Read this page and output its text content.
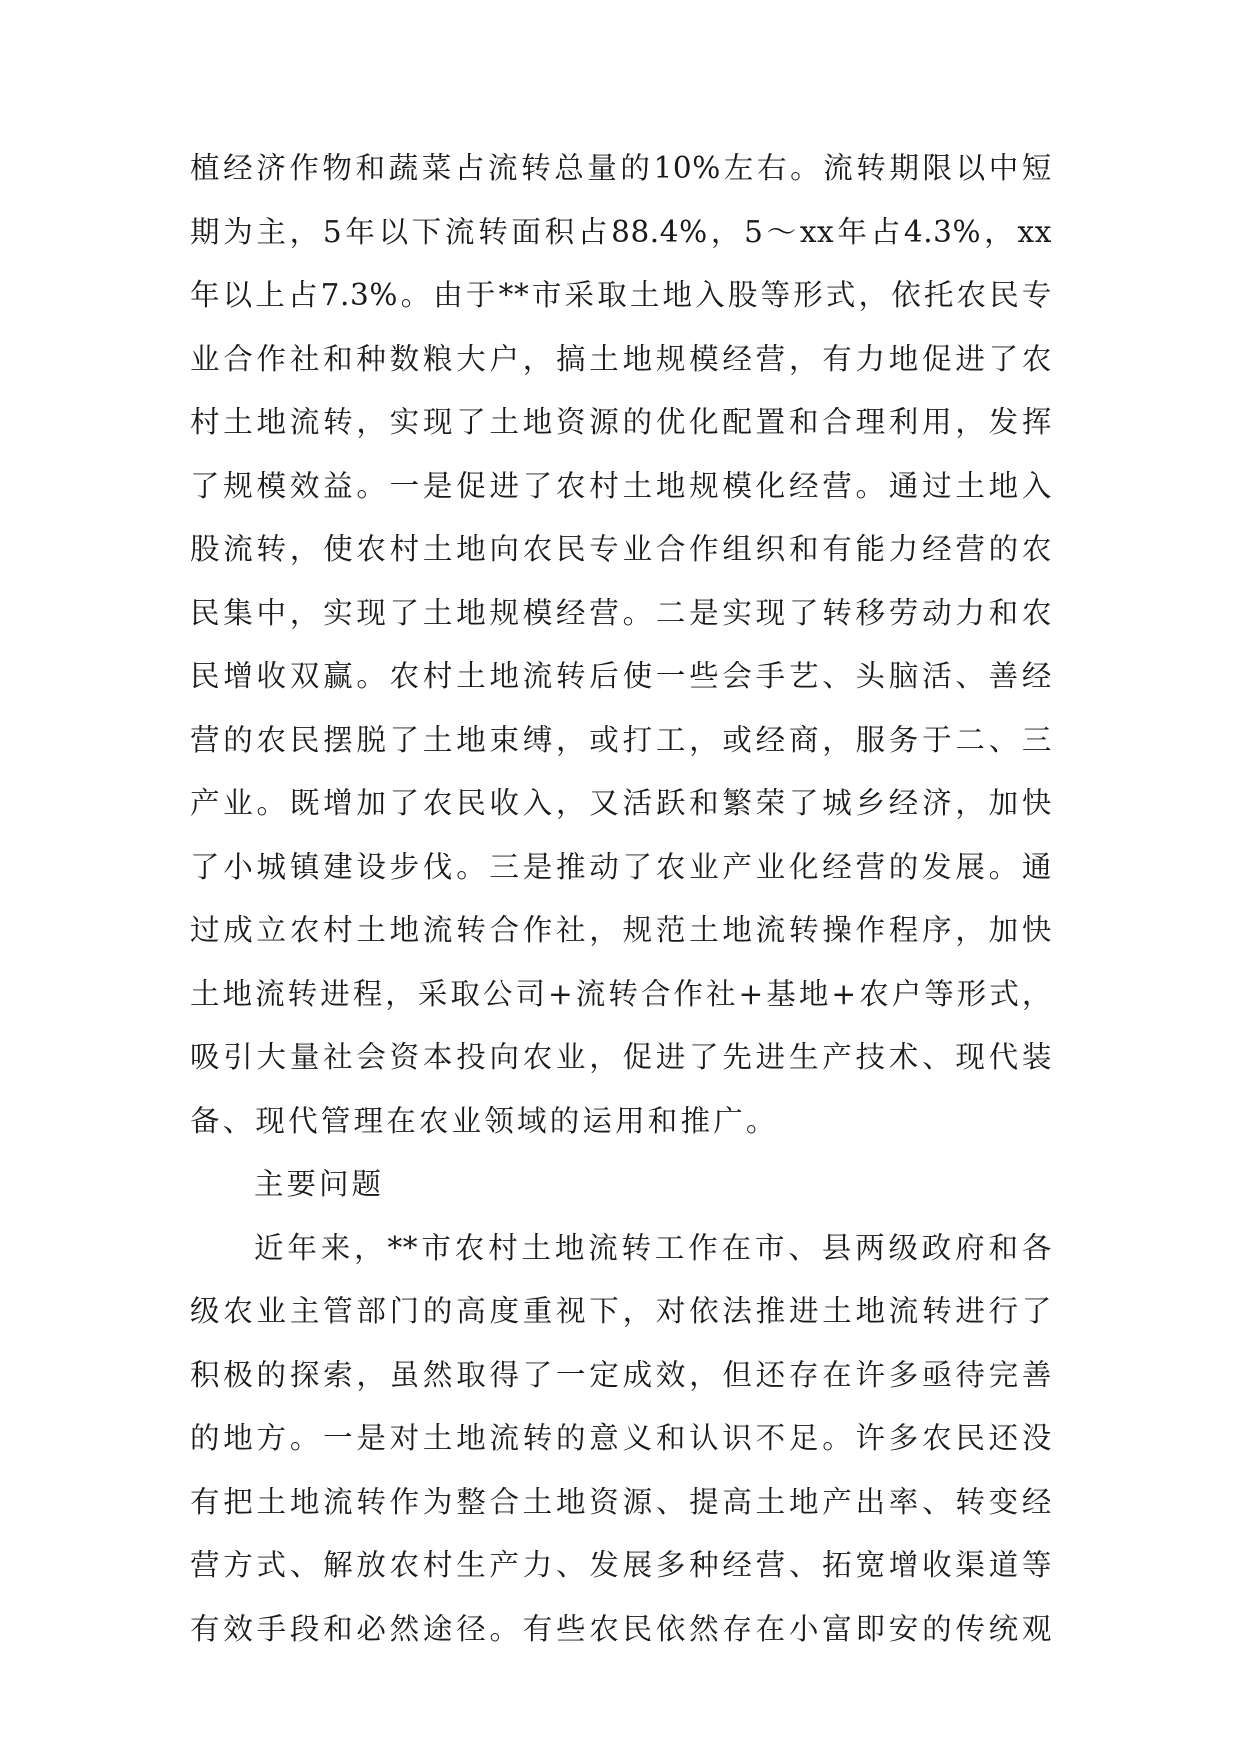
植经济作物和蔬菜占流转总量的10%左右。流转期限以中短
期为主，5年以下流转面积占88.4%，5～xx年占4.3%，xx
年以上占7.3%。由于**市采取土地入股等形式，依托农民专
业合作社和种数粮大户，搞土地规模经营，有力地促进了农
村土地流转，实现了土地资源的优化配置和合理利用，发挥
了规模效益。一是促进了农村土地规模化经营。通过土地入
股流转，使农村土地向农民专业合作组织和有能力经营的农
民集中，实现了土地规模经营。二是实现了转移劳动力和农
民增收双赢。农村土地流转后使一些会手艺、头脑活、善经
营的农民摆脱了土地束缚，或打工，或经商，服务于二、三
产业。既增加了农民收入，又活跃和繁荣了城乡经济，加快
了小城镇建设步伐。三是推动了农业产业化经营的发展。通
过成立农村土地流转合作社，规范土地流转操作程序，加快
土地流转进程，采取公司+流转合作社+基地+农户等形式，
吸引大量社会资本投向农业，促进了先进生产技术、现代装
备、现代管理在农业领域的运用和推广。
主要问题
近年来，**市农村土地流转工作在市、县两级政府和各
级农业主管部门的高度重视下，对依法推进土地流转进行了
积极的探索，虽然取得了一定成效，但还存在许多亟待完善
的地方。一是对土地流转的意义和认识不足。许多农民还没
有把土地流转作为整合土地资源、提高土地产出率、转变经
营方式、解放农村生产力、发展多种经营、拓宽增收渠道等
有效手段和必然途径。有些农民依然存在小富即安的传统观
